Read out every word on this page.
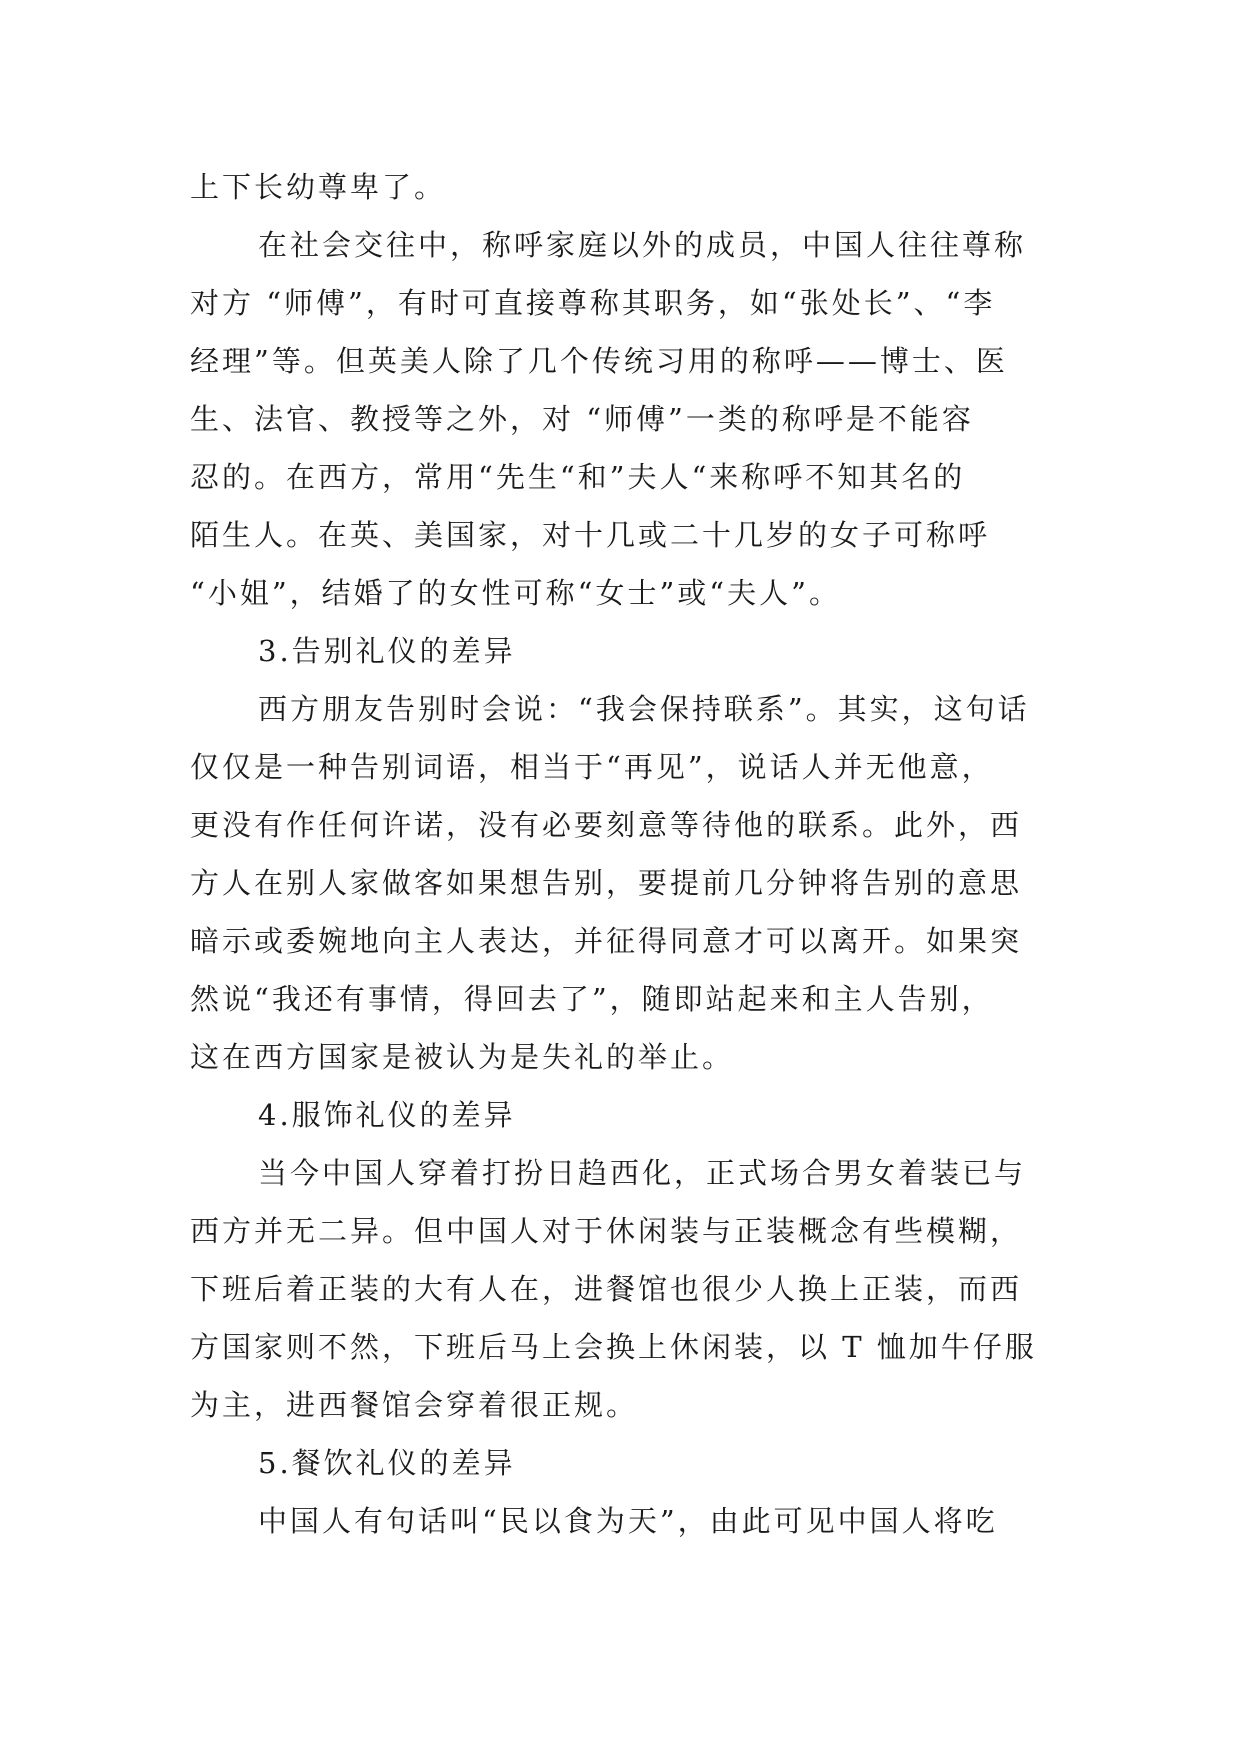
上下长幼尊卑了。
在社会交往中，称呼家庭以外的成员，中国人往往尊称
对方 “师傅”，有时可直接尊称其职务，如“张处长”、“李
经理”等。但英美人除了几个传统习用的称呼——博士、医
生、法官、教授等之外，对 “师傅”一类的称呼是不能容
忍的。在西方，常用“先生“和”夫人“来称呼不知其名的
陌生人。在英、美国家，对十几或二十几岁的女子可称呼
“小姐”，结婚了的女性可称“女士”或“夫人”。
3.告别礼仪的差异
西方朋友告别时会说：“我会保持联系”。其实，这句话
仅仅是一种告别词语，相当于“再见”，说话人并无他意，
更没有作任何许诺，没有必要刻意等待他的联系。此外，西
方人在别人家做客如果想告别，要提前几分钟将告别的意思
暗示或委婉地向主人表达，并征得同意才可以离开。如果突
然说“我还有事情，得回去了”，随即站起来和主人告别，
这在西方国家是被认为是失礼的举止。
4.服饰礼仪的差异
当今中国人穿着打扮日趋西化，正式场合男女着装已与
西方并无二异。但中国人对于休闲装与正装概念有些模糊，
下班后着正装的大有人在，进餐馆也很少人换上正装，而西
方国家则不然，下班后马上会换上休闲装，以 T 恤加牛仔服
为主，进西餐馆会穿着很正规。
5.餐饮礼仪的差异
中国人有句话叫“民以食为天”，由此可见中国人将吃
